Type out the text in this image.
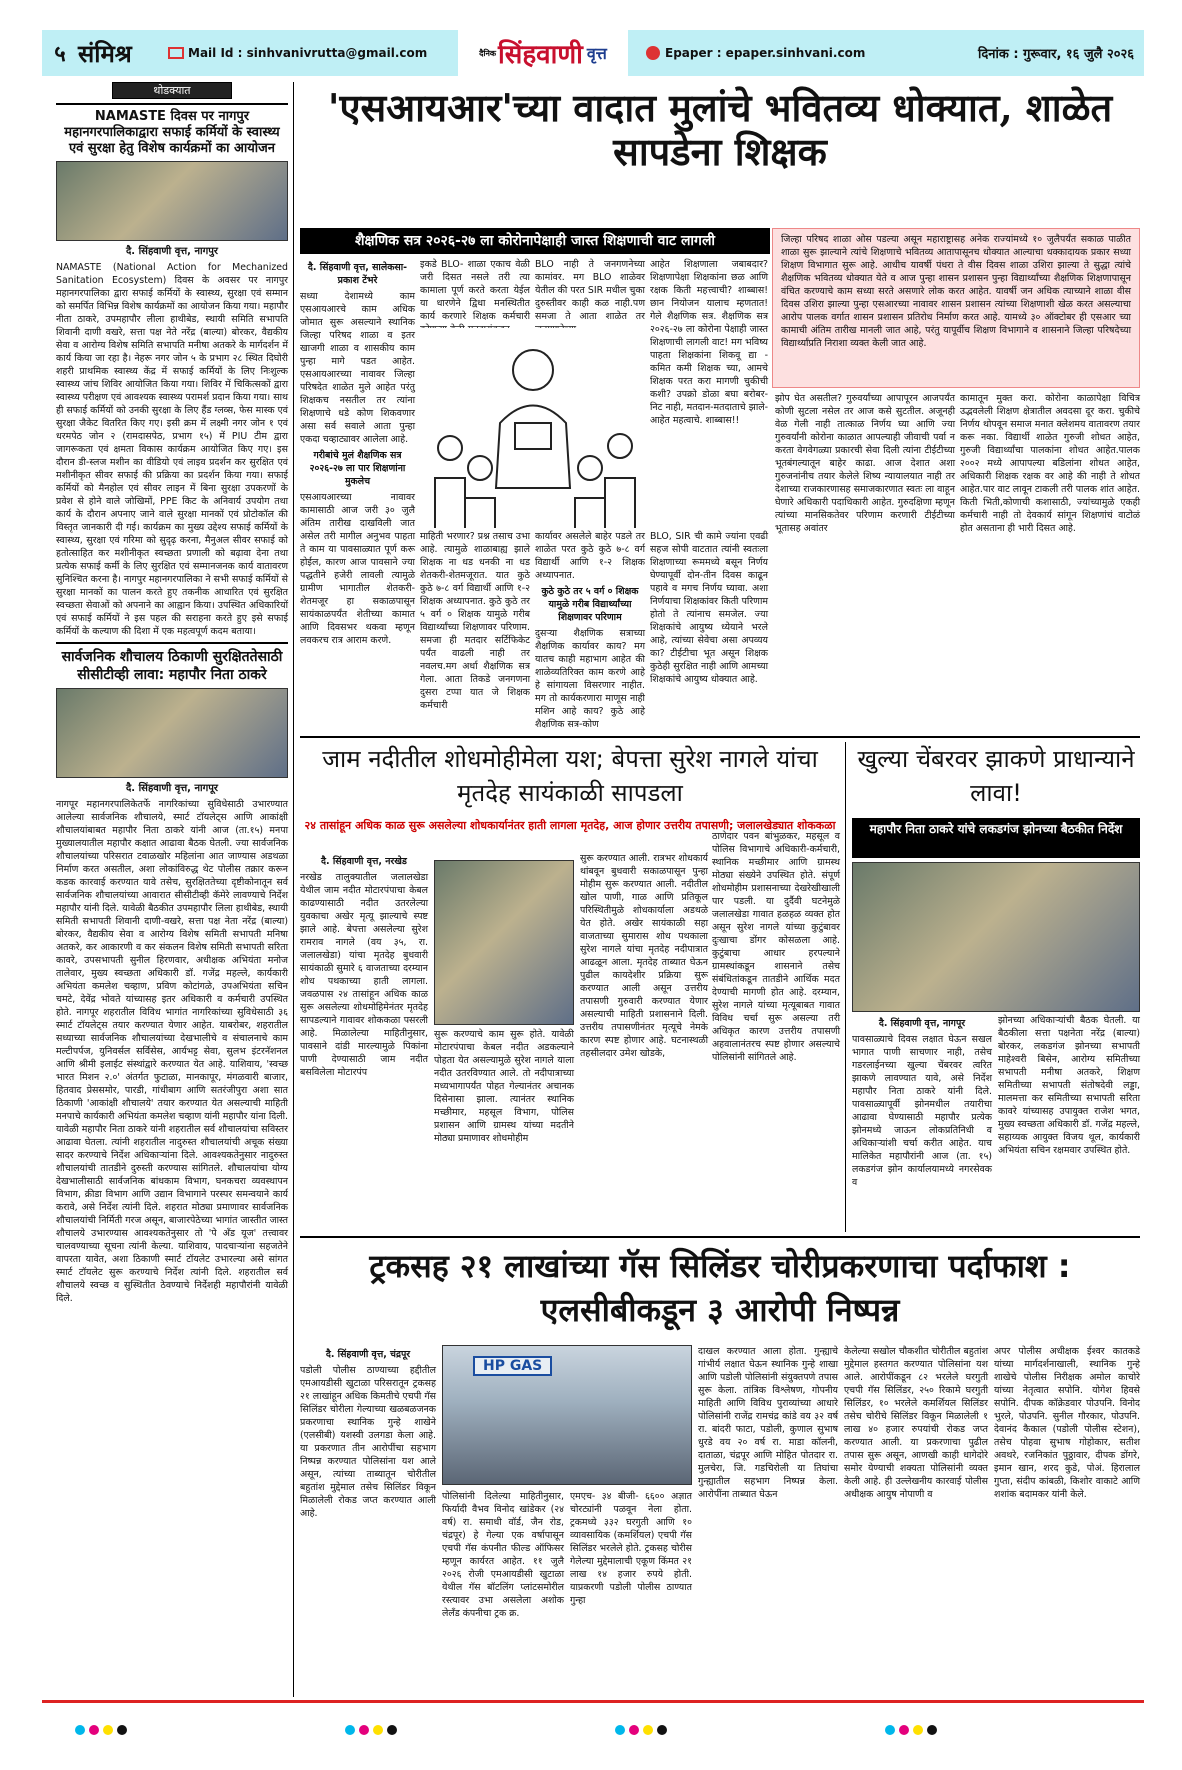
५ संमिश्र	Mail Id : sinhvanivrutta@gmail.com	दैनिक सिंहवाणी वृत्त	Epaper : epaper.sinhvani.com	दिनांक : गुरूवार, १६ जुलै २०२६
थोडक्यात
NAMASTE दिवस पर नागपुर महानगरपालिकाद्वारा सफाई कर्मियों के स्वास्थ्य एवं सुरक्षा हेतु विशेष कार्यक्रमों का आयोजन
दै. सिंहवाणी वृत्त, नागपुर
NAMASTE (National Action for Mechanized Sanitation Ecosystem) दिवस के अवसर पर नागपुर महानगरपालिका द्वारा सफाई कर्मियों के स्वास्थ्य, सुरक्षा एवं सम्मान को समर्पित विभिन्न विशेष कार्यक्रमों का आयोजन किया गया। महापौर नीता ठाकरे, उपमहापौर लीला हाथीबेड, स्थायी समिति सभापति शिवानी दाणी वखरे, सत्ता पक्ष नेते नरेंद्र (बाल्या) बोरकर, वैद्यकीय सेवा व आरोग्य विशेष समिति सभापति मनीषा अतकरे के मार्गदर्शन में कार्य किया जा रहा है। नेहरू नगर जोन ५ के प्रभाग २८ स्थित दिघोरी शहरी प्राथमिक स्वास्थ्य केंद्र में सफाई कर्मियों के लिए निःशुल्क स्वास्थ्य जांच शिविर आयोजित किया गया। शिविर में चिकित्सकों द्वारा स्वास्थ्य परीक्षण एवं आवश्यक स्वास्थ्य परामर्श प्रदान किया गया। साथ ही सफाई कर्मियों को उनकी सुरक्षा के लिए हैंड ग्लव्स, फेस मास्क एवं सुरक्षा जैकेट वितरित किए गए। इसी क्रम में लक्ष्मी नगर जोन १ एवं धरमपेठ जोन २ (रामदासपेठ, प्रभाग १५) में PIU टीम द्वारा जागरूकता एवं क्षमता विकास कार्यक्रम आयोजित किए गए। इस दौरान डी-स्लज मशीन का वीडियो एवं लाइव प्रदर्शन कर सुरक्षित एवं मशीनीकृत सीवर सफाई की प्रक्रिया का प्रदर्शन किया गया। सफाई कर्मियों को मैनहोल एवं सीवर लाइन में बिना सुरक्षा उपकरणों के प्रवेश से होने वाले जोखिमों, PPE किट के अनिवार्य उपयोग तथा कार्य के दौरान अपनाए जाने वाले सुरक्षा मानकों एवं प्रोटोकॉल की विस्तृत जानकारी दी गई। कार्यक्रम का मुख्य उद्देश्य सफाई कर्मियों के स्वास्थ्य, सुरक्षा एवं गरिमा को सुदृढ़ करना, मैनुअल सीवर सफाई को हतोत्साहित कर मशीनीकृत स्वच्छता प्रणाली को बढ़ावा देना तथा प्रत्येक सफाई कर्मी के लिए सुरक्षित एवं सम्मानजनक कार्य वातावरण सुनिश्चित करना है। नागपुर महानगरपालिका ने सभी सफाई कर्मियों से सुरक्षा मानकों का पालन करते हुए तकनीक आधारित एवं सुरक्षित स्वच्छता सेवाओं को अपनाने का आह्वान किया। उपस्थित अधिकारियों एवं सफाई कर्मियों ने इस पहल की सराहना करते हुए इसे सफाई कर्मियों के कल्याण की दिशा में एक महत्वपूर्ण कदम बताया।
सार्वजनिक शौचालय ठिकाणी सुरक्षिततेसाठी सीसीटीव्ही लावा: महापौर निता ठाकरे
दै. सिंहवाणी वृत्त, नागपूर
नागपूर महानगरपालिकेतर्फे नागरिकांच्या सुविधेसाठी उभारण्यात आलेल्या सार्वजनिक शौचालये, स्मार्ट टॉयलेट्स आणि आकांक्षी शौचालयांबाबत महापौर निता ठाकरे यांनी आज (ता.१५) मनपा मुख्यालयातील महापौर कक्षात आढावा बैठक घेतली. ज्या सार्वजनिक शौचालयांच्या परिसरात टवाळखोर महिलांना आत जाण्यास अडथळा निर्माण करत असतील, अशा लोकांविरुद्ध थेट पोलीस तक्रार करून कडक कारवाई करण्यात यावे तसेच, सुरक्षिततेच्या दृष्टीकोनातून सर्व सार्वजनिक शौचालयांच्या आवारात सीसीटीव्ही कॅमेरे लावण्याचे निर्देश महापौर यांनी दिले. यावेळी बैठकीत उपमहापौर लिला हाथीबेड, स्थायी समिती सभापती शिवानी दाणी-वखरे, सत्ता पक्ष नेता नरेंद्र (बाल्या) बोरकर, वैद्यकीय सेवा व आरोग्य विशेष समिती सभापती मनिषा अतकरे, कर आकारणी व कर संकलन विशेष समिती सभापती सरिता कावरे, उपसभापती सुनील हिरणवार, अधीक्षक अभियंता मनोज तालेवार, मुख्य स्वच्छता अधिकारी डॉ. गजेंद्र महल्ले, कार्यकारी अभियंता कमलेश चव्हाण, प्रविण कोटांगळे, उपअभियंता सचिन चमटे, देवेंद्र भोवते यांच्यासह इतर अधिकारी व कर्मचारी उपस्थित होते. नागपूर शहरातील विविध भागांत नागरिकांच्या सुविधेसाठी ३६ स्मार्ट टॉयलेट्स तयार करण्यात येणार आहेत. याबरोबर, शहरातील सध्याच्या सार्वजनिक शौचालयांच्या देखभालीचे व संचालनाचे काम मल्टीपर्पज, युनिवर्सल सर्विसेस, आर्यभट्ट सेवा, सुलभ इंटरनॅशनल आणि श्रीमी इलाईट संस्थांद्वारे करण्यात येत आहे. याशिवाय, 'स्वच्छ भारत मिशन २.०' अंतर्गत फुटाळा, मानकापूर, मंगळवारी बाजार, हितवाद प्रेससमोर, पारडी, गांधीबाग आणि सतरंजीपुरा अशा सात ठिकाणी 'आकांक्षी शौचालये' तयार करण्यात येत असल्याची माहिती मनपाचे कार्यकारी अभियंता कमलेश चव्हाण यांनी महापौर यांना दिली. यावेळी महापौर निता ठाकरे यांनी शहरातील सर्व शौचालयांचा सविस्तर आढावा घेतला. त्यांनी शहरातील नादुरुस्त शौचालयांची अचूक संख्या सादर करण्याचे निर्देश अधिकाऱ्यांना दिले. आवश्यकतेनुसार नादुरुस्त शौचालयांची तातडीने दुरुस्ती करण्यास सांगितले. शौचालयांचा योग्य देखभालीसाठी सार्वजनिक बांधकाम विभाग, घनकचरा व्यवस्थापन विभाग, क्रीडा विभाग आणि उद्यान विभागाने परस्पर समन्वयाने कार्य करावे, असे निर्देश त्यांनी दिले. शहरात मोठ्या प्रमाणावर सार्वजनिक शौचालयांची निर्मिती गरज असून, बाजारपेठेच्या भागांत जास्तीत जास्त शौचालये उभारण्यास आवश्यकतेनुसार तो 'पे अँड यूज' तत्त्वावर चालवण्याच्या सूचना त्यांनी केल्या. याशिवाय, पादचाऱ्यांना सहजतेने वापरता यावेत, अशा ठिकाणी स्मार्ट टॉयलेट उभारल्या असे सांगत स्मार्ट टॉयलेट सुरू करण्याचे निर्देश त्यांनी दिले. शहरातील सर्व शौचालये स्वच्छ व सुस्थितीत ठेवण्याचे निर्देशही महापौरांनी यावेळी दिले.
'एसआयआर'च्या वादात मुलांचे भवितव्य धोक्यात, शाळेत सापडेना शिक्षक
शैक्षणिक सत्र २०२६-२७ ला कोरोनापेक्षाही जास्त शिक्षणाची वाट लागली	जिल्हा परिषद शाळा ओस पडल्या असून महाराष्ट्रासह अनेक राज्यांमध्ये १० जुलैपर्यंत सकाळ पाळीत शाळा सुरू झाल्याने त्यांचे शिक्षणाचे भवितव्य आतापासूनच धोक्यात आल्याचा धक्कादायक प्रकार सध्या शिक्षण विभागात सुरू आहे. आधीच यावर्षी पंधरा ते वीस दिवस शाळा उशिरा झाल्या ते सुद्धा त्यांचे शैक्षणिक भवितव्य धोक्यात येते व आज पुन्हा शासन प्रशासन पुन्हा विद्यार्थ्यांच्या शैक्षणिक शिक्षणापासून वंचित करण्याचे काम सध्या सरते असणारे लोक करत आहेत. यावर्षी जन अधिक त्याच्याने शाळा वीस दिवस उशिरा झाल्या पुन्हा एसआरच्या नावावर शासन प्रशासन त्यांच्या शिक्षणाशी खेळ करत असल्याचा आरोप पालक वर्गात शासन प्रशासन प्रतिरोध निर्माण करत आहे. यामध्ये ३० ऑक्टोबर ही एसआर च्या कामाची अंतिम तारीख मानली जात आहे, परंतु यापूर्वीच शिक्षण विभागाने व शासनाने जिल्हा परिषदेच्या विद्यार्थ्यांप्रति निराशा व्यक्त केली जात आहे.
दै. सिंहवाणी वृत्त, सालेकसा-प्रकाश टेंभरे
सध्या देशामध्ये काम एसआयआरचे काम अधिक जोमात सुरू असल्याने स्थानिक जिल्हा परिषद शाळा व इतर खाजगी शाळा व शासकीय काम पुन्हा मागे पडत आहेत. एसआयआरच्या नावावर जिल्हा परिषदेत शाळेत मुले आहेत परंतु शिक्षकच नसतील तर त्यांना शिक्षणाचे धडे कोण शिकवणार असा सर्व सवाले आता पुन्हा एकदा चव्हाट्यावर आलेला आहे.
गरीबांचे मुलं शैक्षणिक सत्र २०२६-२७ ला पार शिक्षणांना मुकलेच
एसआयआरच्या नावावर कामासाठी आज जरी ३० जुलै अंतिम तारीख दाखविली जात असेल तरी मागील अनुभव पाहता ते काम या पावसाळ्यात पूर्ण करू होईल, कारण आज पावसाने ज्या पद्धतीने हजेरी लावली त्यामुळे ग्रामीण भागातील शेतकरी-शेतमजूर हा सकाळपासून सायंकाळपर्यंत शेतीच्या कामात आणि दिवसभर थकवा म्हणून लवकरच रात्र आराम करणे.
इकडे BLO- शाळा एकाच वेळी जरी दिसत नसले तरी त्या कामाला पूर्ण करते करता येईल या धारणेने द्विधा मनस्थितीत कार्य करणारे शिक्षक कर्मचारी
BLO नाही ते जनगणनेच्या कामांवर. मग BLO शाळेवर येतील की परत SIR मधील चुका दुरुस्तीवर काही कळ नाही.पण समजा ते आता शाळेत तर
आहेत शिक्षणाला जबाबदार? शिक्षणापेक्षा शिक्षकांना छळ आणि रक्षक किती महत्त्वाची? शाब्बास! छान नियोजन यालाच म्हणतात! गेले शैक्षणिक सत्र. शैक्षणिक सत्र २०२६-२७ ला कोरोना पेक्षाही जास्त शिक्षणाची लागली वाट! मग भविष्य पाहता शिक्षकांना शिकवू द्या - कमित कमी शिक्षक च्या, आमचे शिक्षक परत करा मागणी चुकीची कशी? उपक्रो डोळा बघा बरोबर- निट नाही, मतदान-मतदाताचे झाले-आहेत महत्वाचे. शाब्बास!!
माहिती भरणार? प्रश्न तसाच उभा आहे. त्यामुळे शाळाबाह्य झाले शिक्षक ना धड धनकी ना धड शेतकरी-शेतमजूरात. यात कुठे कुठे ७-८ वर्ग विद्यार्थी आणि १-२ शिक्षक अध्यापनात. कुठे कुठे तर ५ वर्ग ० शिक्षक यामुळे गरीब विद्यार्थ्यांच्या शिक्षणावर परिणाम. समजा ही मतदार सर्टिफिकेट पर्यंत वाढली नाही तर नवलच.मग अर्धा शैक्षणिक सत्र गेला. आता तिकडे जनगणना दुसरा टप्पा यात जे शिक्षक कर्मचारी
कार्यावर असलेले बाहेर पडले तर शाळेत परत कुठे कुठे ७-८ वर्ग विद्यार्थी आणि १-२ शिक्षक अध्यापनात.
कुठे कुठे तर ५ वर्ग ० शिक्षक यामुळे गरीब विद्यार्थ्यांच्या शिक्षणावर परिणाम
दुसऱ्या शैक्षणिक सत्राच्या शैक्षणिक कार्यावर काय? मग यातच काही महाभाग आहेत की शाळेव्यतिरिक्त काम करणे आहे हे सांगायला विसरणार नाहीत. मग तो कार्यकरणारा माणूस नाही मशिन आहे काय? कुठे आहे शैक्षणिक सत्र-कोण
BLO, SIR ची कामे ज्यांना एवढी सहज सोपी वाटतात त्यांनी स्वतःला शिक्षणाच्या रूममध्ये बसून निर्णय घेण्यापूर्वी दोन-तीन दिवस काढून पहावे व मगच निर्णय घ्यावा. अशा निर्णयाचा शिक्षकांवर किती परिणाम होतो ते त्यांनाच समजेल. ज्या शिक्षकांचे आयुष्य ध्येयाने भरले आहे, त्यांच्या सेवेचा असा अपव्यय का? टीईटीचा भूत असून शिक्षक कुठेही सुरक्षित नाही आणि आमच्या शिक्षकांचे आयुष्य धोक्यात आहे.
झोप घेत असतील? गुरुवर्यांच्या आपापूरन आजपर्यंत कोणी सुटला नसेल तर आज कसे सुटतील. अजूनही वेळ गेली नाही तात्काळ निर्णय घ्या आणि ज्या गुरुवर्यांनी कोरोना काळात आपल्याही जीवाची पर्वा न करता वेगवेगळ्या प्रकारची सेवा दिली त्यांना टीईटीच्या भूतबंगल्यातून बाहेर काढा. आज देशात अशा गुरुजनांनीच तयार केलेले शिष्य न्यायालयात नाही तर देशाच्या राजकारणासह समाजकारणात स्वतः ला वाहून घेणारे अधिकारी पदाधिकारी आहेत. गुरुदक्षिणा म्हणून त्यांच्या मानसिकतेवर परिणाम करणारी टीईटीच्या भूतासह अवांतर
कामातून मुक्त करा. कोरोना काळापेक्षा विचित्र उद्भवलेली शिक्षण क्षेत्रातील अवदसा दूर करा. चुकीचे निर्णय थोपवून समाज मनात क्लेशमय वातावरण तयार करू नका. विद्यार्थी शाळेत गुरुजी शोधत आहेत, गुरुजी विद्यार्थ्यांचा पालकांना शोधत आहेत.पालक २००२ मध्ये आपापल्या बडिलांना शोधत आहेत, अधिकारी शिक्षक रक्षक वर आहे की नाही ते शोधत आहेत.पार वाट लावून टाकली तरी पालक शांत आहेत. किती भिती,कोणाची कशासाठी, ज्यांच्यामुळे एकही कर्मचारी नाही तो देवकार्य सांगून शिक्षणांचं वाटोळं होत असताना ही भारी दिसत आहे.
जाम नदीतील शोधमोहीमेला यश; बेपत्ता सुरेश नागले यांचा मृतदेह सायंकाळी सापडला
२४ तासांहून अधिक काळ सुरू असलेल्या शोधकार्यानंतर हाती लागला मृतदेह, आज होणार उत्तरीय तपासणी; जलालखेड्यात शोककळा
दै. सिंहवाणी वृत्त, नरखेड
नरखेड तालुक्यातील जलालखेडा येथील जाम नदीत मोटारपंपाचा केबल काढण्यासाठी नदीत उतरलेल्या युवकाचा अखेर मृत्यू झाल्याचे स्पष्ट झाले आहे. बेपत्ता असलेल्या सुरेश रामराव नागले (वय ३५, रा. जलालखेडा) यांचा मृतदेह बुधवारी सायंकाळी सुमारे ६ वाजताच्या दरम्यान शोध पथकाच्या हाती लागला. जवळपास २४ तासांहून अधिक काळ सुरू असलेल्या शोधमोहिमेनंतर मृतदेह सापडल्याने गावावर शोककळा पसरली आहे. मिळालेल्या माहितीनुसार, पावसाने दांडी मारल्यामुळे पिकांना पाणी देण्यासाठी जाम नदीत बसविलेला मोटारपंप
सुरू करण्याचे काम सुरू होते. यावेळी मोटारपंपाचा केबल नदीत अडकल्याने पोहता येत असल्यामुळे सुरेश नागले याला नदीत उतरविण्यात आले. तो नदीपात्राच्या मध्यभागापर्यंत पोहत गेल्यानंतर अचानक दिसेनासा झाला. त्यानंतर स्थानिक मच्छीमार, महसूल विभाग, पोलिस प्रशासन आणि ग्रामस्थ यांच्या मदतीने मोठ्या प्रमाणावर शोधमोहीम
सुरू करण्यात आली. रात्रभर शोधकार्य थांबवून बुधवारी सकाळपासून पुन्हा मोहीम सुरू करण्यात आली. नदीतील खोल पाणी, गाळ आणि प्रतिकूल परिस्थितीमुळे शोधकार्याला अडथळे येत होते. अखेर सायंकाळी सहा वाजताच्या सुमारास शोध पथकाला सुरेश नागले यांचा मृतदेह नदीपात्रात आढळून आला. मृतदेह ताब्यात घेऊन पुढील कायदेशीर प्रक्रिया सुरू करण्यात आली असून उत्तरीय तपासणी गुरुवारी करण्यात येणार असल्याची माहिती प्रशासनाने दिली. उत्तरीय तपासणीनंतर मृत्यूचे नेमके कारण स्पष्ट होणार आहे. घटनास्थळी तहसीलदार उमेश खोडके,
ठाणेदार पवन बांभुळकर, महसूल व पोलिस विभागाचे अधिकारी-कर्मचारी, स्थानिक मच्छीमार आणि ग्रामस्थ मोठ्या संख्येने उपस्थित होते. संपूर्ण शोधमोहीम प्रशासनाच्या देखरेखीखाली पार पडली. या दुर्दैवी घटनेमुळे जलालखेडा गावात हळहळ व्यक्त होत असून सुरेश नागले यांच्या कुटुंबावर दुःखाचा डोंगर कोसळला आहे. कुटुंबाचा आधार हरपल्याने ग्रामस्थांकडून शासनाने तसेच संबंधितांकडून तातडीने आर्थिक मदत देण्याची मागणी होत आहे. दरम्यान, सुरेश नागले यांच्या मृत्यूबाबत गावात विविध चर्चा सुरू असल्या तरी अधिकृत कारण उत्तरीय तपासणी अहवालानंतरच स्पष्ट होणार असल्याचे पोलिसांनी सांगितले आहे.
खुल्या चेंबरवर झाकणे प्राधान्याने लावा!
महापौर निता ठाकरे यांचे लकडगंज झोनच्या बैठकीत निर्देश
दै. सिंहवाणी वृत्त, नागपूर
पावसाळ्याचे दिवस लक्षात घेऊन सखल भागात पाणी साचणार नाही, तसेच गडरलाईनच्या खुल्या चेंबरवर त्वरित झाकणे लावण्यात यावे, असे निर्देश महापौर निता ठाकरे यांनी दिले. पावसाळ्यापूर्वी झोनमधील तयारीचा आढावा घेण्यासाठी महापौर प्रत्येक झोनमध्ये जाऊन लोकप्रतिनिधी व अधिकाऱ्यांशी चर्चा करीत आहेत. याच मालिकेत महापौरांनी आज (ता. १५) लकडगंज झोन कार्यालयामध्ये नगरसेवक व
झोनच्या अधिकाऱ्यांची बैठक घेतली. या बैठकीला सत्ता पक्षनेता नरेंद्र (बाल्या) बोरकर, लकडगंज झोनच्या सभापती माहेश्वरी बिसेन, आरोग्य समितीच्या सभापती मनीषा अतकरे, शिक्षण समितीच्या सभापती संतोषदेवी लड्डा, मालमत्ता कर समितीच्या सभापती सरिता कावरे यांच्यासह उपायुक्त राजेश भगत, मुख्य स्वच्छता अधिकारी डॉ. गजेंद्र महल्ले, सहाय्यक आयुक्त विजय थूल, कार्यकारी अभियंता सचिन रक्षमवार उपस्थित होते.
ट्रकसह २१ लाखांच्या गॅस सिलिंडर चोरीप्रकरणाचा पर्दाफाश : एलसीबीकडून ३ आरोपी निष्पन्न
दै. सिंहवाणी वृत्त, चंद्रपूर
पडोली पोलीस ठाण्याच्या हद्दीतील एमआयडीसी खुटाळा परिसरातून ट्रकसह २१ लाखांहून अधिक किमतीचे एचपी गॅस सिलिंडर चोरीला गेल्याच्या खळबळजनक प्रकरणाचा स्थानिक गुन्हे शाखेने (एलसीबी) यशस्वी उलगडा केला आहे. या प्रकरणात तीन आरोपींचा सहभाग निष्पन्न करण्यात पोलिसांना यश आले असून, त्यांच्या ताब्यातून चोरीतील बहुतांश मुद्देमाल तसेच सिलिंडर विकून मिळालेली रोकड जप्त करण्यात आली आहे.
HP GAS
पोलिसांनी दिलेल्या माहितीनुसार, फिर्यादी वैभव विनोद खांडेकर (२४ वर्ष) रा. समाधी वॉर्ड, जैन रोड, चंद्रपूर) हे गेल्या एक वर्षापासून एचपी गॅस कंपनीत फील्ड ऑफिसर म्हणून कार्यरत आहेत. ११ जुलै २०२६ रोजी एमआयडीसी खुटाळा येथील गॅस बॉटलिंग प्लांटसमोरील रस्त्यावर उभा असलेला अशोक लेलँड कंपनीचा ट्रक क्र.
एमएच- ३४ बीजी- ६६०० अज्ञात चोरट्यांनी पळवून नेला होता. ट्रकमध्ये ३३२ घरगुती आणि १० व्यावसायिक (कमर्शियल) एचपी गॅस सिलिंडर भरलेले होते. ट्रकसह चोरीस गेलेल्या मुद्देमालाची एकूण किंमत २१ लाख १४ हजार रुपये होती. याप्रकरणी पडोली पोलीस ठाण्यात गुन्हा
दाखल करण्यात आला होता. गुन्ह्याचे गांभीर्य लक्षात घेऊन स्थानिक गुन्हे शाखा आणि पडोली पोलिसांनी संयुक्तपणे तपास सुरू केला. तांत्रिक विश्लेषण, गोपनीय माहिती आणि विविध पुराव्यांच्या आधारे पोलिसांनी राजेंद्र रामचंद्र कांडे वय ३२ वर्ष रा. बांदरी फाटा, पडोली, कुणाल सुभाष धुरडे वय २० वर्ष रा. माडा कॉलनी, दाताळा, चंद्रपूर आणि मोहित पोतदार रा. मुलचेरा, जि. गडचिरोली या तिघांचा गुन्ह्यातील सहभाग निष्पन्न केला. आरोपींना ताब्यात घेऊन
केलेल्या सखोल चौकशीत चोरीतील बहुतांश मुद्देमाल हस्तगत करण्यात पोलिसांना यश आले. आरोपींकडून ८२ भरलेले घरगुती एचपी गॅस सिलिंडर, २५० रिकामे घरगुती सिलिंडर, १० भरलेले कमर्शियल सिलिंडर तसेच चोरीचे सिलिंडर विकून मिळालेली १ लाख ४० हजार रुपयांची रोकड जप्त करण्यात आली. या प्रकरणाचा पुढील तपास सुरू असून, आणखी काही धागेदोरे समोर येण्याची शक्यता पोलिसांनी व्यक्त केली आहे. ही उल्लेखनीय कारवाई पोलीस अधीक्षक आयुष नोपाणी व
अपर पोलीस अधीक्षक ईश्वर कातकडे यांच्या मार्गदर्शनाखाली, स्थानिक गुन्हे शाखेचे पोलीस निरीक्षक अमोल काचोरे यांच्या नेतृत्वात सपोनि. योगेश हिवसे सपोनि. दीपक कॉक्रेडवार पोउपनि. विनोद भुरले, पोउपनि. सुनील गौरकार, पोउपनि. देवानंद कैकाल (पडोली पोलीस स्टेशन), तसेच पोहवा सुभाष गोहोकार, सतीश अवथरे, रजनिकांत पुठ्ठावार, दीपक डोंगरे, इमान खान, शरद कुडे, पोअं. हिरालाल गुप्ता, संदीप कांबळी, किशोर वाकाटे आणि शशांक बदामकर यांनी केले.
